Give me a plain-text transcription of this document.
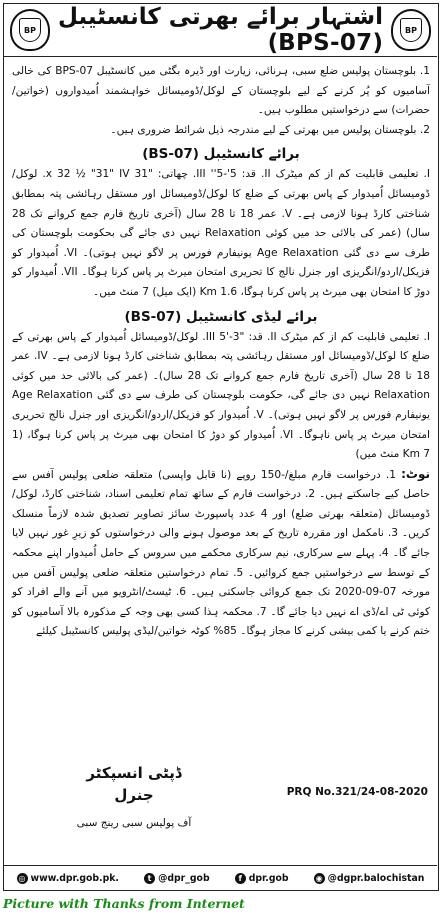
BP اشتہار برائے بھرتی کانسٹیبل (BPS-07)	BP

1. بلوچستان پولیس ضلع سبی، ہرنائی، زیارت اور ڈیرہ بگٹی میں کانسٹیبل BPS-07 کی خالی آسامیوں کو پُر کرنے کے لیے بلوچستان کے لوکل/ڈومیسائل خواہشمند اُمیدواروں (خواتین/حضرات) سے درخواستیں مطلوب ہیں۔

2. بلوچستان پولیس میں بھرتی کے لیے مندرجہ ذیل شرائط ضروری ہیں۔

برائے کانسٹیبل (BS-07)

I. تعلیمی قابلیت کم از کم میٹرک II. قد: 5'-5'' III. چھاتی: "31 x 32 ½ "31" IV. لوکل/ڈومیسائل اُمیدوار کے پاس بھرتی کے ضلع کا لوکل/ڈومیسائل اور مستقل رہائشی پتہ بمطابق شناختی کارڈ ہونا لازمی ہے۔ V. عمر 18 تا 28 سال (آخری تاریخ فارم جمع کروانے تک 28 سال) (عمر کی بالائی حد میں کوئی Relaxation نہیں دی جائے گی بحکومت بلوچستان کی طرف سے دی گئی Age Relaxation یونیفارم فورس پر لاگو نہیں ہوتی)۔ VI. اُمیدوار کو فزیکل/اردو/انگریزی اور جنرل نالج کا تحریری امتحان میرٹ پر پاس کرنا ہوگا۔ VII. اُمیدوار کو دوڑ کا امتحان بھی میرٹ پر پاس کرنا ہوگا، 1.6 Km (ایک میل) 7 منٹ میں۔

برائے لیڈی کانسٹیبل (BS-07)

I. تعلیمی قابلیت کم از کم میٹرک II. قد: "3-'5 III. لوکل/ڈومیسائل اُمیدوار کے پاس بھرتی کے ضلع کا لوکل/ڈومیسائل اور مستقل رہائشی پتہ بمطابق شناختی کارڈ ہونا لازمی ہے۔ IV. عمر 18 تا 28 سال (آخری تاریخ فارم جمع کروانے تک 28 سال)۔ (عمر کی بالائی حد میں کوئی Relaxation نہیں دی جائے گی، حکومت بلوچستان کی طرف سے دی گئی Age Relaxation یونیفارم فورس پر لاگو نہیں ہوتی)۔ V. اُمیدوار کو فزیکل/اردو/انگریزی اور جنرل نالج تحریری امتحان میرٹ پر پاس ناہوگا۔ VI. اُمیدوار کو دوڑ کا امتحان بھی میرٹ پر پاس کرنا ہوگا، (1 Km 7 منٹ میں)

نوٹ: 1. درخواست فارم مبلغ/-150 روپے (نا قابل واپسی) متعلقہ ضلعی پولیس آفس سے حاصل کیے جاسکتے ہیں۔ 2. درخواست فارم کے ساتھ تمام تعلیمی اسناد، شناختی کارڈ، لوکل/ڈومیسائل (متعلقہ بھرتی ضلع) اور 4 عدد پاسپورٹ سائز تصاویر تصدیق شدہ لازماً منسلک کریں۔ 3. نامکمل اور مقررہ تاریخ کے بعد موصول ہونے والی درخواستوں کو زیرِ غور نہیں لایا جائے گا۔ 4. پہلے سے سرکاری، نیم سرکاری محکمے میں سروس کے حامل اُمیدوار اپنے محکمہ کے توسط سے درخواستیں جمع کروائیں۔ 5. تمام درخواستیں متعلقہ ضلعی پولیس آفس میں مورخہ 07-09-2020 تک جمع کروائی جاسکتی ہیں۔ 6. ٹیسٹ/انٹرویو میں آنے والے افراد کو کوئی ٹی اے/ڈی اے نہیں دیا جائے گا۔ 7. محکمہ ہذا کسی بھی وجہ کے مذکورہ بالا آسامیوں کو ختم کرنے یا کمی بیشی کرنے کا مجاز ہوگا۔ 85% کوٹہ خواتین/لیڈی پولیس کانسٹیبل کیلئے

ڈپٹی انسپکٹر جنرل
آف پولیس سبی رینج سبی
PRQ No.321/24-08-2020
◎ www.dpr.gob.pk.	t @dpr_gob	f dpr.gob	◉ @dgpr.balochistan
Picture with Thanks from Internet
